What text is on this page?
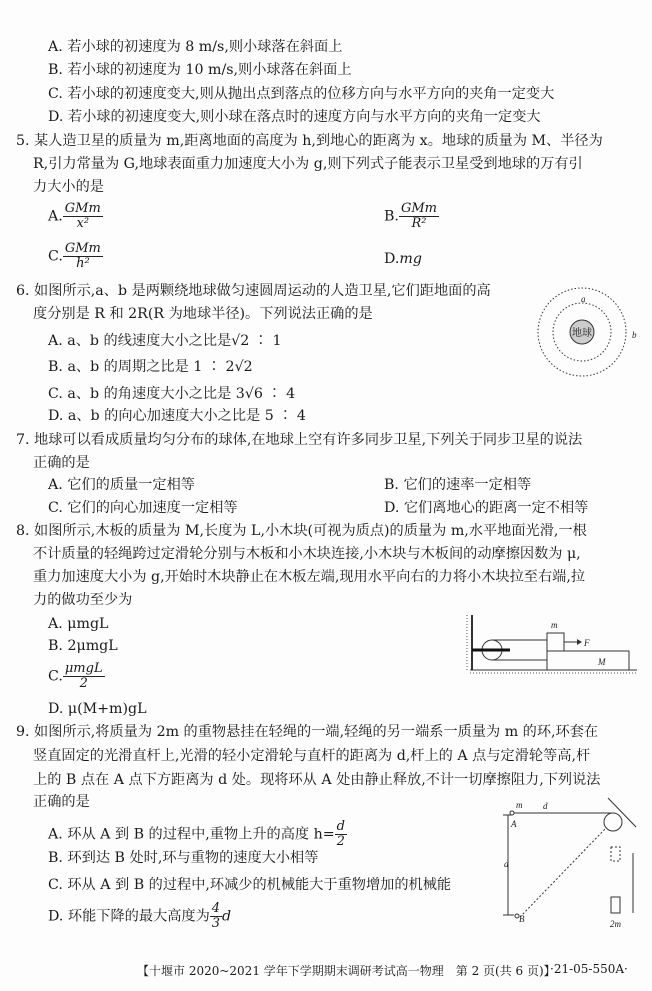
A. 若小球的初速度为 8 m/s,则小球落在斜面上
B. 若小球的初速度为 10 m/s,则小球落在斜面上
C. 若小球的初速度变大,则从抛出点到落点的位移方向与水平方向的夹角一定变大
D. 若小球的初速度变大,则小球在落点时的速度方向与水平方向的夹角一定变大
5. 某人造卫星的质量为 m,距离地面的高度为 h,到地心的距离为 x。地球的质量为 M、半径为
R,引力常量为 G,地球表面重力加速度大小为 g,则下列式子能表示卫星受到地球的万有引
力大小的是
A. $\frac{\text{GMm}}{\text{x²}}$	B. $\frac{\text{GMm}}{\text{R²}}$
C. $\frac{\text{GMm}}{\text{h²}}$	D.mg
6. 如图所示,a、b 是两颗绕地球做匀速圆周运动的人造卫星,它们距地面的高
度分别是 R 和 2R(R 为地球半径)。下列说法正确的是
A. a、b 的线速度大小之比是√2 ∶ 1
B. a、b 的周期之比是 1 ∶ 2√2
C. a、b 的角速度大小之比是 3√6 ∶ 4
D. a、b 的向心加速度大小之比是 5 ∶ 4
地球
a
b
7. 地球可以看成质量均匀分布的球体,在地球上空有许多同步卫星,下列关于同步卫星的说法
正确的是
A. 它们的质量一定相等	B. 它们的速率一定相等
C. 它们的向心加速度一定相等	D. 它们离地心的距离一定不相等
8. 如图所示,木板的质量为 M,长度为 L,小木块(可视为质点)的质量为 m,水平地面光滑,一根
不计质量的轻绳跨过定滑轮分别与木板和小木块连接,小木块与木板间的动摩擦因数为 μ,
重力加速度大小为 g,开始时木块静止在木板左端,现用水平向右的力将小木块拉至右端,拉
力的做功至少为
A. μmgL
B. 2μmgL
C. $\frac{\text{μmgL}}{2}$
D. μ(M+m)gL
m
F
M
9. 如图所示,将质量为 2m 的重物悬挂在轻绳的一端,轻绳的另一端系一质量为 m 的环,环套在
竖直固定的光滑直杆上,光滑的轻小定滑轮与直杆的距离为 d,杆上的 A 点与定滑轮等高,杆
上的 B 点在 A 点下方距离为 d 处。现将环从 A 处由静止释放,不计一切摩擦阻力,下列说法
正确的是
A. 环从 A 到 B 的过程中,重物上升的高度 $h= \frac{d}{2}$
B. 环到达 B 处时,环与重物的速度大小相等
C. 环从 A 到 B 的过程中,环减少的机械能大于重物增加的机械能
D. 环能下降的最大高度为 $\frac{4}{3}$ d
m d
A
d
B	2m
【十堰市 2020~2021 学年下学期期末调研考试高一物理　第 2 页(共 6 页)】
·21-05-550A·
